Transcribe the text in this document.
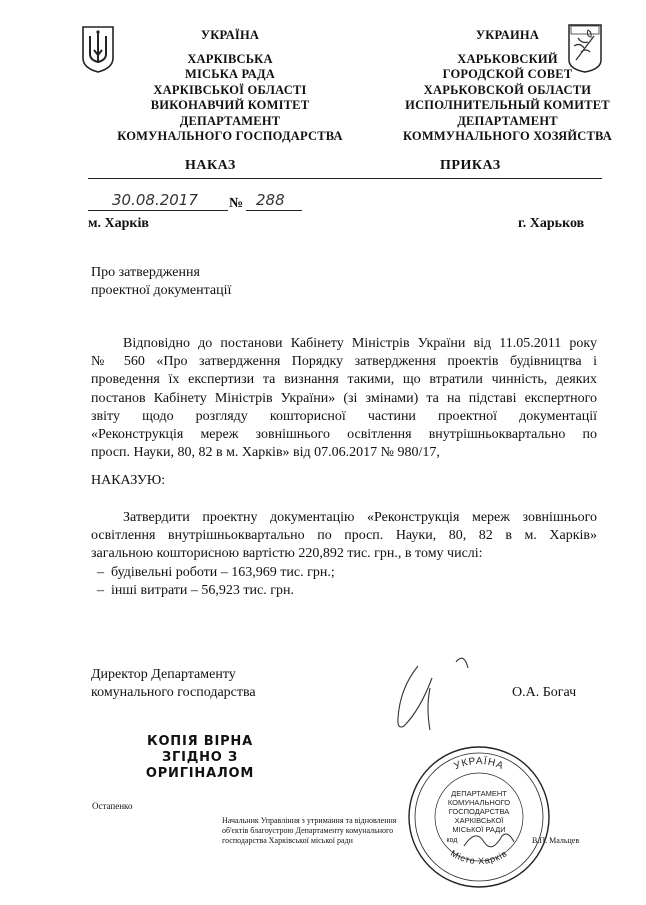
УКРАЇНА
ХАРКІВСЬКА
МІСЬКА РАДА
ХАРКІВСЬКОЇ ОБЛАСТІ
ВИКОНАВЧИЙ КОМІТЕТ
ДЕПАРТАМЕНТ
КОМУНАЛЬНОГО ГОСПОДАРСТВА
УКРАИНА
ХАРЬКОВСКИЙ
ГОРОДСКОЙ СОВЕТ
ХАРЬКОВСКОЙ ОБЛАСТИ
ИСПОЛНИТЕЛЬНЫЙ КОМИТЕТ
ДЕПАРТАМЕНТ
КОММУНАЛЬНОГО ХОЗЯЙСТВА
НАКАЗ	ПРИКАЗ
30.08.2017 № 288
м. Харків	г. Харьков
Про затвердження
проектної документації
Відповідно до постанови Кабінету Міністрів України від 11.05.2011 року
№ 560 «Про затвердження Порядку затвердження проектів будівництва і
проведення їх експертизи та визнання такими, що втратили чинність, деяких
постанов Кабінету Міністрів України» (зі змінами) та на підставі експертного
звіту щодо розгляду кошторисної частини проектної документації
«Реконструкція мереж зовнішнього освітлення внутрішньоквартально по
просп. Науки, 80, 82 в м. Харків» від 07.06.2017 № 980/17,
НАКАЗУЮ:
Затвердити проектну документацію «Реконструкція мереж зовнішнього
освітлення внутрішньоквартально по просп. Науки, 80, 82 в м. Харків»
загальною кошторисною вартістю 220,892 тис. грн., в тому числі:
– будівельні роботи – 163,969 тис. грн.;
– інші витрати – 56,923 тис. грн.
Директор Департаменту
комунального господарства	О.А. Богач
КОПІЯ ВІРНА
ЗГІДНО З
ОРИГІНАЛОМ
Остапенко
Начальник Управління з утримання та відновлення
об'єктів благоустрою Департаменту комунального
господарства Харківської міської ради	В.П. Мальцев
УКРАЇНА
Місто Харків
ДЕПАРТАМЕНТ
КОМУНАЛЬНОГО
ГОСПОДАРСТВА
ХАРКІВСЬКОЇ
МІСЬКОЇ РАДИ
код
